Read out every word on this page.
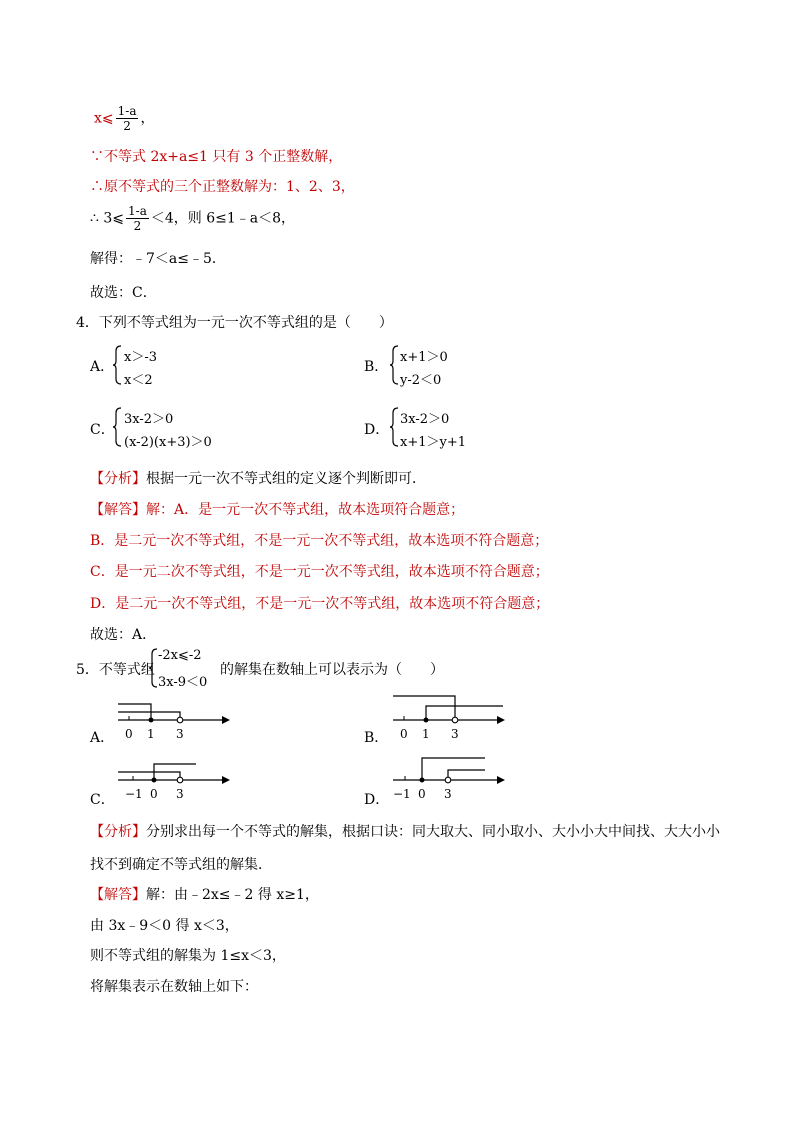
x⩽ $\frac{1-a}{2}$ ，
∵不等式 2x+a≤1 只有 3 个正整数解，
∴原不等式的三个正整数解为：1、2、3，
∴ 3⩽ $\frac{1-a}{2} <4$，则 6≤1﹣a＜8，
解得：﹣7＜a≤﹣5．
故选：C．
4．下列不等式组为一元一次不等式组的是（　　）
A．
x＞-3
x＜2
B．
x+1＞0
y-2＜0
C．
3x-2＞0
(x-2)(x+3)＞0
D．
3x-2＞0
x+1＞y+1
【分析】根据一元一次不等式组的定义逐个判断即可．
【解答】解：A．是一元一次不等式组，故本选项符合题意；
B．是二元一次不等式组，不是一元一次不等式组，故本选项不符合题意；
C．是一元二次不等式组，不是一元一次不等式组，故本选项不符合题意；
D．是二元一次不等式组，不是一元一次不等式组，故本选项不符合题意；
故选：A．
5．不等式组
-2x⩽-2
3x-9＜0
的解集在数轴上可以表示为（　　）
A． 0 1 3	B． 0 1 3
C． −1 0 3	D． −1 0 3
【分析】分别求出每一个不等式的解集，根据口诀：同大取大、同小取小、大小小大中间找、大大小小
找不到确定不等式组的解集．
【解答】解：由﹣2x≤﹣2 得 x≥1，
由 3x﹣9＜0 得 x＜3，
则不等式组的解集为 1≤x＜3，
将解集表示在数轴上如下：
